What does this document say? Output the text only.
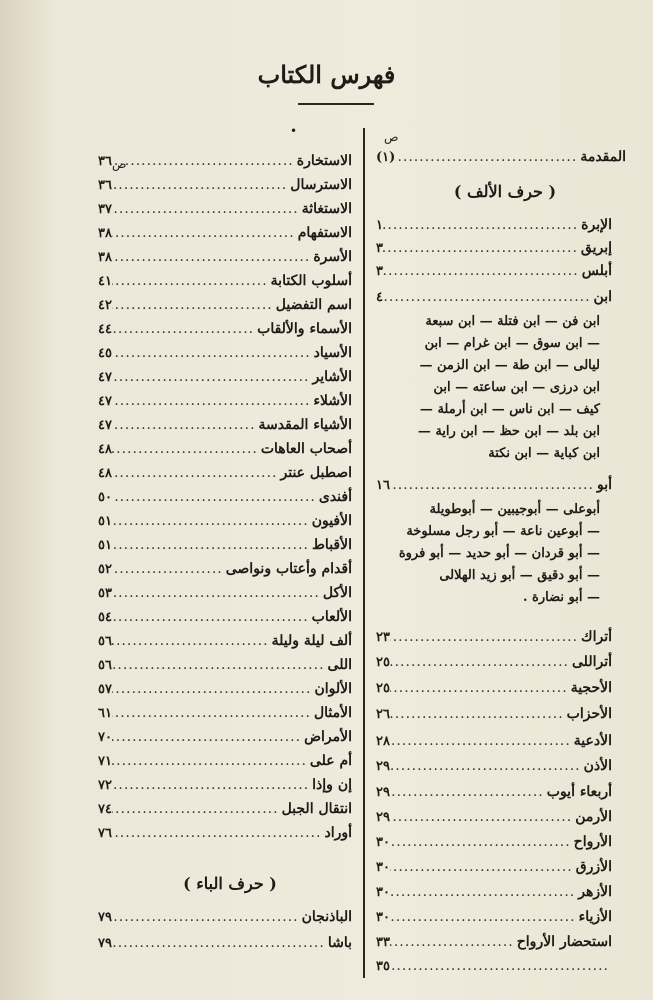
فهرس الكتاب
ص
ص
•
المقدمة
.....
(١)
( حرف الألف )
الإبرة
.....
١
إبريق
.....
٣
أبلس
.....
٣
ابن
.....
٤
ابن فن — ابن فتلة — ابن سبعة
— ابن سوق — ابن غرام — ابن
ليالى — ابن طة — ابن الزمن —
ابن درزى — ابن ساعته — ابن
كيف — ابن ناس — ابن أرملة —
ابن بلد — ابن حظ — ابن راية —
ابن كباية — ابن نكتة
أبو
.....
١٦
أبوعلى — أبوجيبين — أبوطويلة
— أبوعين ناعة — أبو رجل مسلوخة
— أبو قردان — أبو حديد — أبو فروة
— أبو دقيق — أبو زيد الهلالى
— أبو نضارة .
أتراك
.....
٢٣
أتراللى
.....
٢٥
الأحجية
.....
٢٥
الأحزاب
.....
٢٦
الأدعية
.....
٢٨
الأذن
.....
٢٩
أربعاء أيوب
.....
٢٩
الأرمن
.....
٢٩
الأرواح
.....
٣٠
الأزرق
.....
٣٠
الأزهر
.....
٣٠
الأزياء
.....
٣٠
استحضار الأرواح
.....
٣٣
.....
٣٥
الاستخارة
.....
٣٦
الاسترسال
.....
٣٦
الاستغاثة
.....
٣٧
الاستفهام
.....
٣٨
الأسرة
.....
٣٨
أسلوب الكتابة
.....
٤١
اسم التفضيل
.....
٤٢
الأسماء والألقاب
.....
٤٤
الأسياد
.....
٤٥
الأشاير
.....
٤٧
الأشلاء
.....
٤٧
الأشياء المقدسة
.....
٤٧
أصحاب العاهات
.....
٤٨
اصطبل عنتر
.....
٤٨
أفندى
.....
٥٠
الأفيون
.....
٥١
الأقباط
.....
٥١
أقدام وأعتاب ونواصى
.....
٥٢
الأكل
.....
٥٣
الألعاب
.....
٥٤
ألف ليلة وليلة
.....
٥٦
اللى
.....
٥٦
الألوان
.....
٥٧
الأمثال
.....
٦١
الأمراض
.....
٧٠
أم على
.....
٧١
إن وإذا
.....
٧٢
انتقال الجبل
.....
٧٤
أوراد
.....
٧٦
( حرف الباء )
الباذنجان
.....
٧٩
باشا
.....
٧٩
